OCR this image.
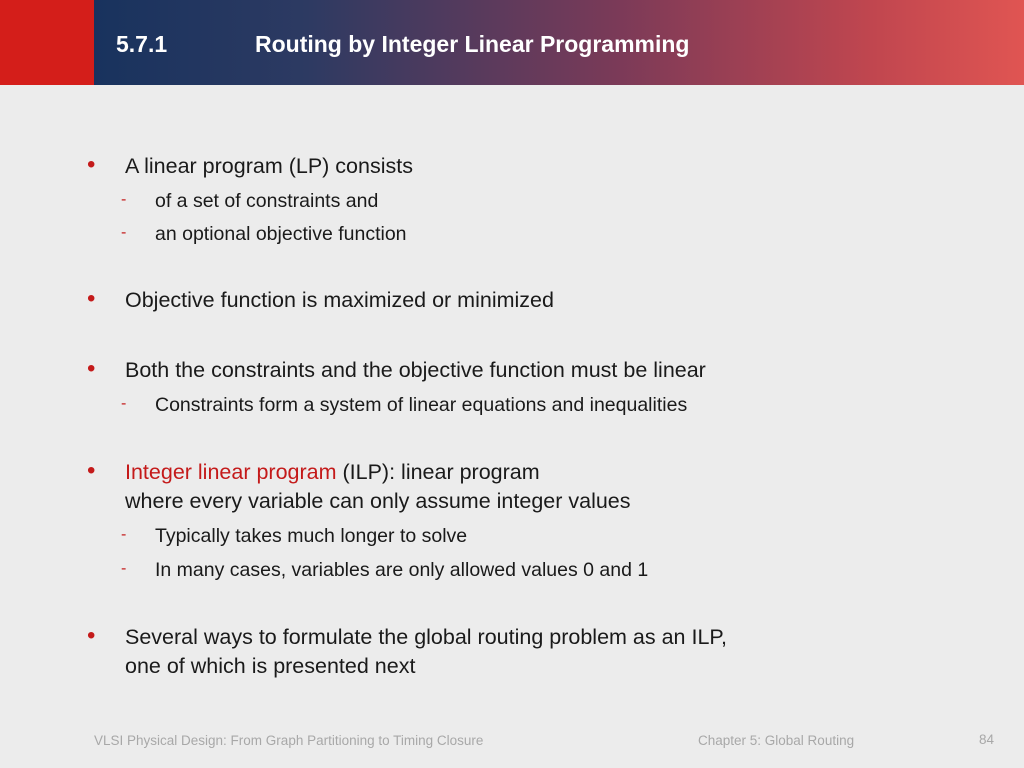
5.7.1	Routing by Integer Linear Programming
• A linear program (LP) consists
- of a set of constraints and
- an optional objective function
• Objective function is maximized or minimized
• Both the constraints and the objective function must be linear
- Constraints form a system of linear equations and inequalities
• Integer linear program (ILP): linear program
where every variable can only assume integer values
- Typically takes much longer to solve
- In many cases, variables are only allowed values 0 and 1
• Several ways to formulate the global routing problem as an ILP,
one of which is presented next
VLSI Physical Design: From Graph Partitioning to Timing Closure	Chapter 5: Global Routing	84
